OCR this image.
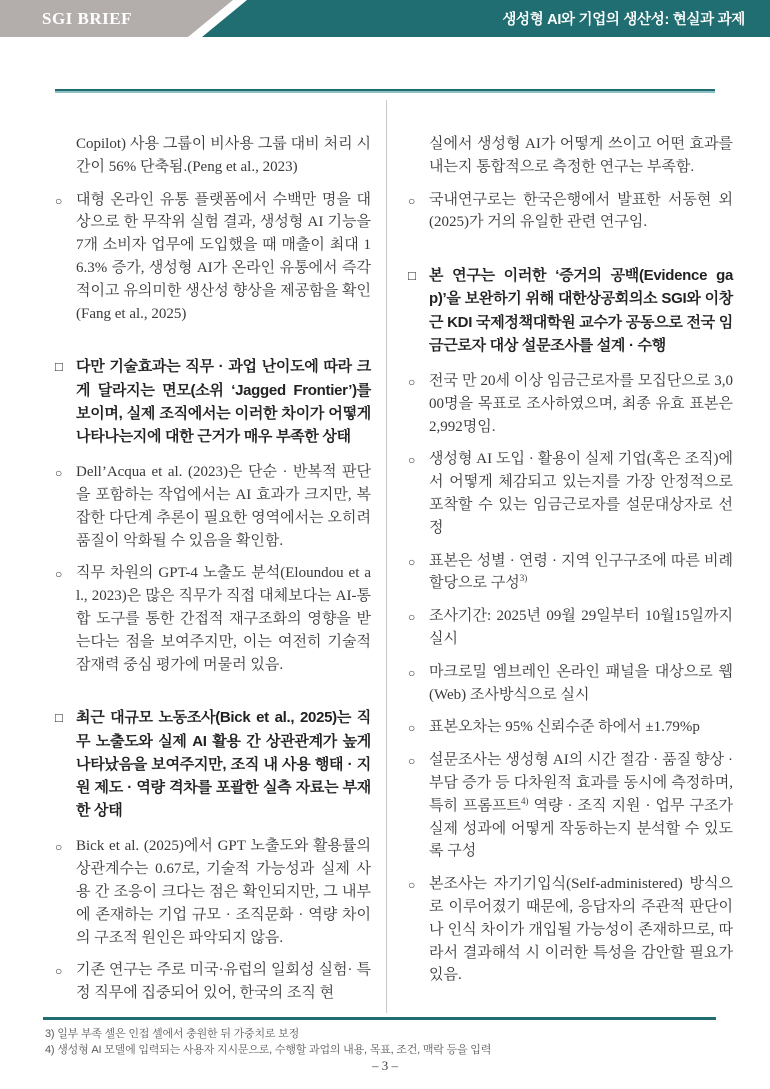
SGI BRIEF	생성형 AI와 기업의 생산성: 현실과 과제
Copilot) 사용 그룹이 비사용 그룹 대비 처리 시간이 56% 단축됨.(Peng et al., 2023)
○ 대형 온라인 유통 플랫폼에서 수백만 명을 대상으로 한 무작위 실험 결과, 생성형 AI 기능을 7개 소비자 업무에 도입했을 때 매출이 최대 16.3% 증가, 생성형 AI가 온라인 유통에서 즉각적이고 유의미한 생산성 향상을 제공함을 확인(Fang et al., 2025)
□ 다만 기술효과는 직무 · 과업 난이도에 따라 크게 달라지는 면모(소위 ‘Jagged Frontier’)를 보이며, 실제 조직에서는 이러한 차이가 어떻게 나타나는지에 대한 근거가 매우 부족한 상태
○ Dell’Acqua et al. (2023)은 단순 · 반복적 판단을 포함하는 작업에서는 AI 효과가 크지만, 복잡한 다단계 추론이 필요한 영역에서는 오히려 품질이 악화될 수 있음을 확인함.
○ 직무 차원의 GPT-4 노출도 분석(Eloundou et al., 2023)은 많은 직무가 직접 대체보다는 AI-통합 도구를 통한 간접적 재구조화의 영향을 받는다는 점을 보여주지만, 이는 여전히 기술적 잠재력 중심 평가에 머물러 있음.
□ 최근 대규모 노동조사(Bick et al., 2025)는 직무 노출도와 실제 AI 활용 간 상관관계가 높게 나타났음을 보여주지만, 조직 내 사용 행태 · 지원 제도 · 역량 격차를 포괄한 실측 자료는 부재한 상태
○ Bick et al. (2025)에서 GPT 노출도와 활용률의 상관계수는 0.67로, 기술적 가능성과 실제 사용 간 조응이 크다는 점은 확인되지만, 그 내부에 존재하는 기업 규모 · 조직문화 · 역량 차이의 구조적 원인은 파악되지 않음.
○ 기존 연구는 주로 미국·유럽의 일회성 실험· 특정 직무에 집중되어 있어, 한국의 조직 현
실에서 생성형 AI가 어떻게 쓰이고 어떤 효과를 내는지 통합적으로 측정한 연구는 부족함.
○ 국내연구로는 한국은행에서 발표한 서동현 외 (2025)가 거의 유일한 관련 연구임.
□ 본 연구는 이러한 ‘증거의 공백(Evidence gap)’을 보완하기 위해 대한상공회의소 SGI와 이창근 KDI 국제정책대학원 교수가 공동으로 전국 임금근로자 대상 설문조사를 설계 · 수행
○ 전국 만 20세 이상 임금근로자를 모집단으로 3,000명을 목표로 조사하였으며, 최종 유효 표본은 2,992명임.
○ 생성형 AI 도입 · 활용이 실제 기업(혹은 조직)에서 어떻게 체감되고 있는지를 가장 안정적으로 포착할 수 있는 임금근로자를 설문대상자로 선정
○ 표본은 성별 · 연령 · 지역 인구구조에 따른 비례할당으로 구성$^{3)}$
○ 조사기간: 2025년 09월 29일부터 10월15일까지 실시
○ 마크로밀 엠브레인 온라인 패널을 대상으로 웹(Web) 조사방식으로 실시
○ 표본오차는 95% 신뢰수준 하에서 ±1.79%p
○ 설문조사는 생성형 AI의 시간 절감 · 품질 향상 · 부담 증가 등 다차원적 효과를 동시에 측정하며, 특히 프롬프트$^{4)}$ 역량 · 조직 지원 · 업무 구조가 실제 성과에 어떻게 작동하는지 분석할 수 있도록 구성
○ 본조사는 자기기입식(Self-administered) 방식으로 이루어졌기 때문에, 응답자의 주관적 판단이나 인식 차이가 개입될 가능성이 존재하므로, 따라서 결과해석 시 이러한 특성을 감안할 필요가 있음.
3) 일부 부족 셀은 인접 셀에서 충원한 뒤 가중치로 보정
4) 생성형 AI 모델에 입력되는 사용자 지시문으로, 수행할 과업의 내용, 목표, 조건, 맥락 등을 입력
– 3 –
